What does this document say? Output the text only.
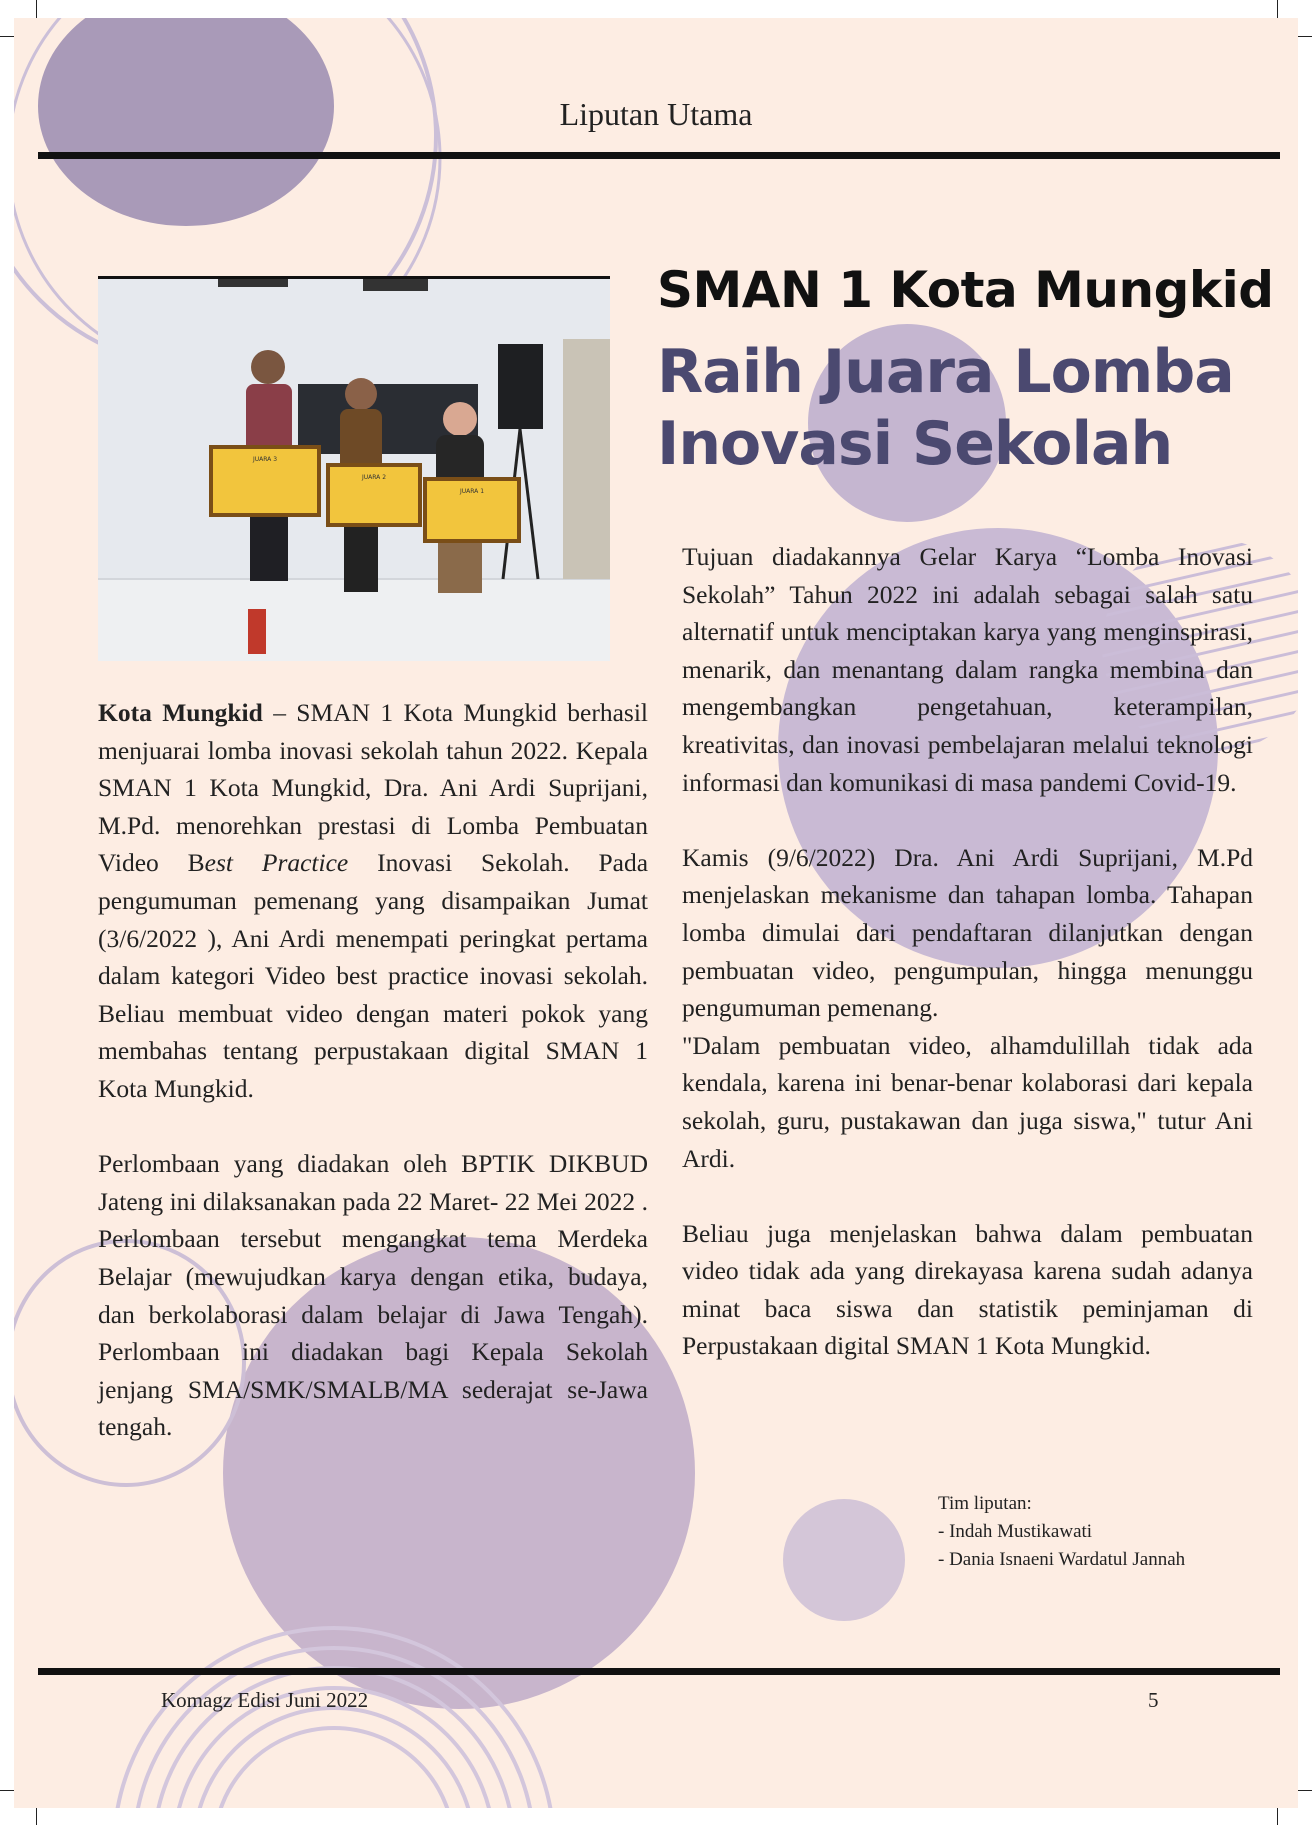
Liputan Utama
JUARA 3
JUARA 2
JUARA 1
SMAN 1 Kota Mungkid
Raih Juara Lomba
Inovasi Sekolah

Kota Mungkid – SMAN 1 Kota Mungkid berhasil menjuarai lomba inovasi sekolah tahun 2022. Kepala SMAN 1 Kota Mungkid, Dra. Ani Ardi Suprijani, M.Pd. menorehkan prestasi di Lomba Pembuatan Video Best Practice Inovasi Sekolah. Pada pengumuman pemenang yang disampaikan Jumat (3/6/2022 ), Ani Ardi menempati peringkat pertama dalam kategori Video best practice inovasi sekolah. Beliau membuat video dengan materi pokok yang membahas tentang perpustakaan digital SMAN 1 Kota Mungkid.

Perlombaan yang diadakan oleh BPTIK DIKBUD Jateng ini dilaksanakan pada 22 Maret- 22 Mei 2022 . Perlombaan tersebut mengangkat tema Merdeka Belajar (mewujudkan karya dengan etika, budaya, dan berkolaborasi dalam belajar di Jawa Tengah). Perlombaan ini diadakan bagi Kepala Sekolah jenjang SMA/SMK/SMALB/MA sederajat se-Jawa tengah.

Tujuan diadakannya Gelar Karya “Lomba Inovasi Sekolah” Tahun 2022 ini adalah sebagai salah satu alternatif untuk menciptakan karya yang menginspirasi, menarik, dan menantang dalam rangka membina dan mengembangkan pengetahuan, keterampilan, kreativitas, dan inovasi pembelajaran melalui teknologi informasi dan komunikasi di masa pandemi Covid-19.

Kamis (9/6/2022) Dra. Ani Ardi Suprijani, M.Pd menjelaskan mekanisme dan tahapan lomba. Tahapan lomba dimulai dari pendaftaran dilanjutkan dengan pembuatan video, pengumpulan, hingga menunggu pengumuman pemenang.

"Dalam pembuatan video, alhamdulillah tidak ada kendala, karena ini benar-benar kolaborasi dari kepala sekolah, guru, pustakawan dan juga siswa," tutur Ani Ardi.

Beliau juga menjelaskan bahwa dalam pembuatan video tidak ada yang direkayasa karena sudah adanya minat baca siswa dan statistik peminjaman di Perpustakaan digital SMAN 1 Kota Mungkid.

Tim liputan:
- Indah Mustikawati
- Dania Isnaeni Wardatul Jannah
Komagz Edisi Juni 2022	5
